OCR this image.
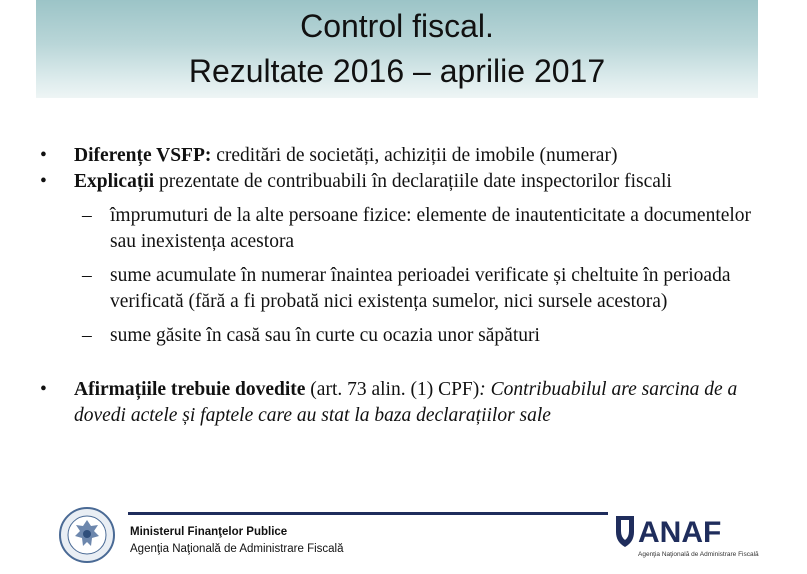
Control fiscal.
Rezultate 2016 – aprilie 2017

• Diferențe VSFP: creditări de societăți, achiziții de imobile (numerar)

• Explicații prezentate de contribuabili în declarațiile date inspectorilor fiscali

– împrumuturi de la alte persoane fizice: elemente de inautenticitate a documentelor sau inexistența acestora

– sume acumulate în numerar înaintea perioadei verificate și cheltuite în perioada verificată (fără a fi probată nici existența sumelor, nici sursele acestora)

– sume găsite în casă sau în curte cu ocazia unor săpături

• Afirmațiile trebuie dovedite (art. 73 alin. (1) CPF): Contribuabilul are sarcina de a dovedi actele și faptele care au stat la baza declarațiilor sale

Ministerul Finanţelor Publice
Agenţia Naţională de Administrare Fiscală	ANAF
Agenţia Naţională de Administrare Fiscală
